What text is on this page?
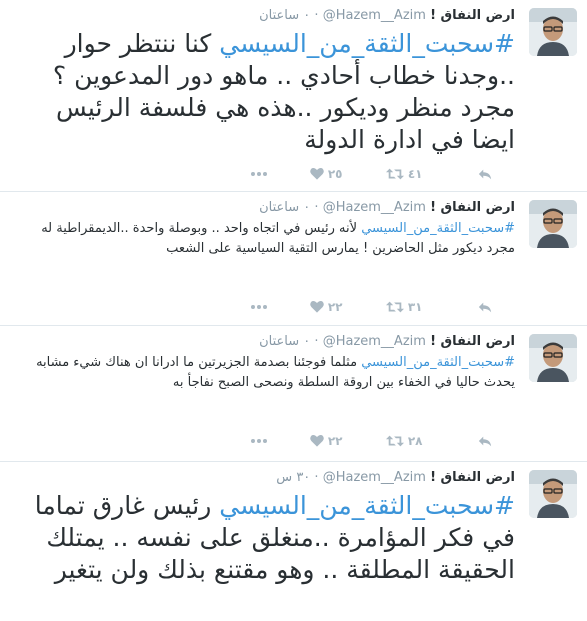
ارض النفاق ! @Hazem__Azim · ٠ ساعتان
#سحبت_الثقة_من_السيسي كنا ننتظر حوار ..وجدنا خطاب أحادي .. ماهو دور المدعوين ؟ مجرد منظر وديكور ..هذه هي فلسفة الرئيس ايضا في ادارة الدولة
٤١
٢٥
ارض النفاق ! @Hazem__Azim · ٠ ساعتان
#سحبت_الثقة_من_السيسي لأنه رئيس في اتجاه واحد .. وبوصلة واحدة ..الديمقراطية له مجرد ديكور مثل الحاضرين ! يمارس التقية السياسية على الشعب
٣١
٢٢
ارض النفاق ! @Hazem__Azim · ٠ ساعتان
#سحبت_الثقة_من_السيسي مثلما فوجئنا بصدمة الجزيرتين ما ادرانا ان هناك شيء مشابه يحدث حاليا في الخفاء بين اروقة السلطة ونصحى الصبح نفاجأ به
٢٨
٢٢
ارض النفاق ! @Hazem__Azim · ٣٠ س
#سحبت_الثقة_من_السيسي رئيس غارق تماما في فكر المؤامرة ..منغلق على نفسه .. يمتلك الحقيقة المطلقة .. وهو مقتنع بذلك ولن يتغير
